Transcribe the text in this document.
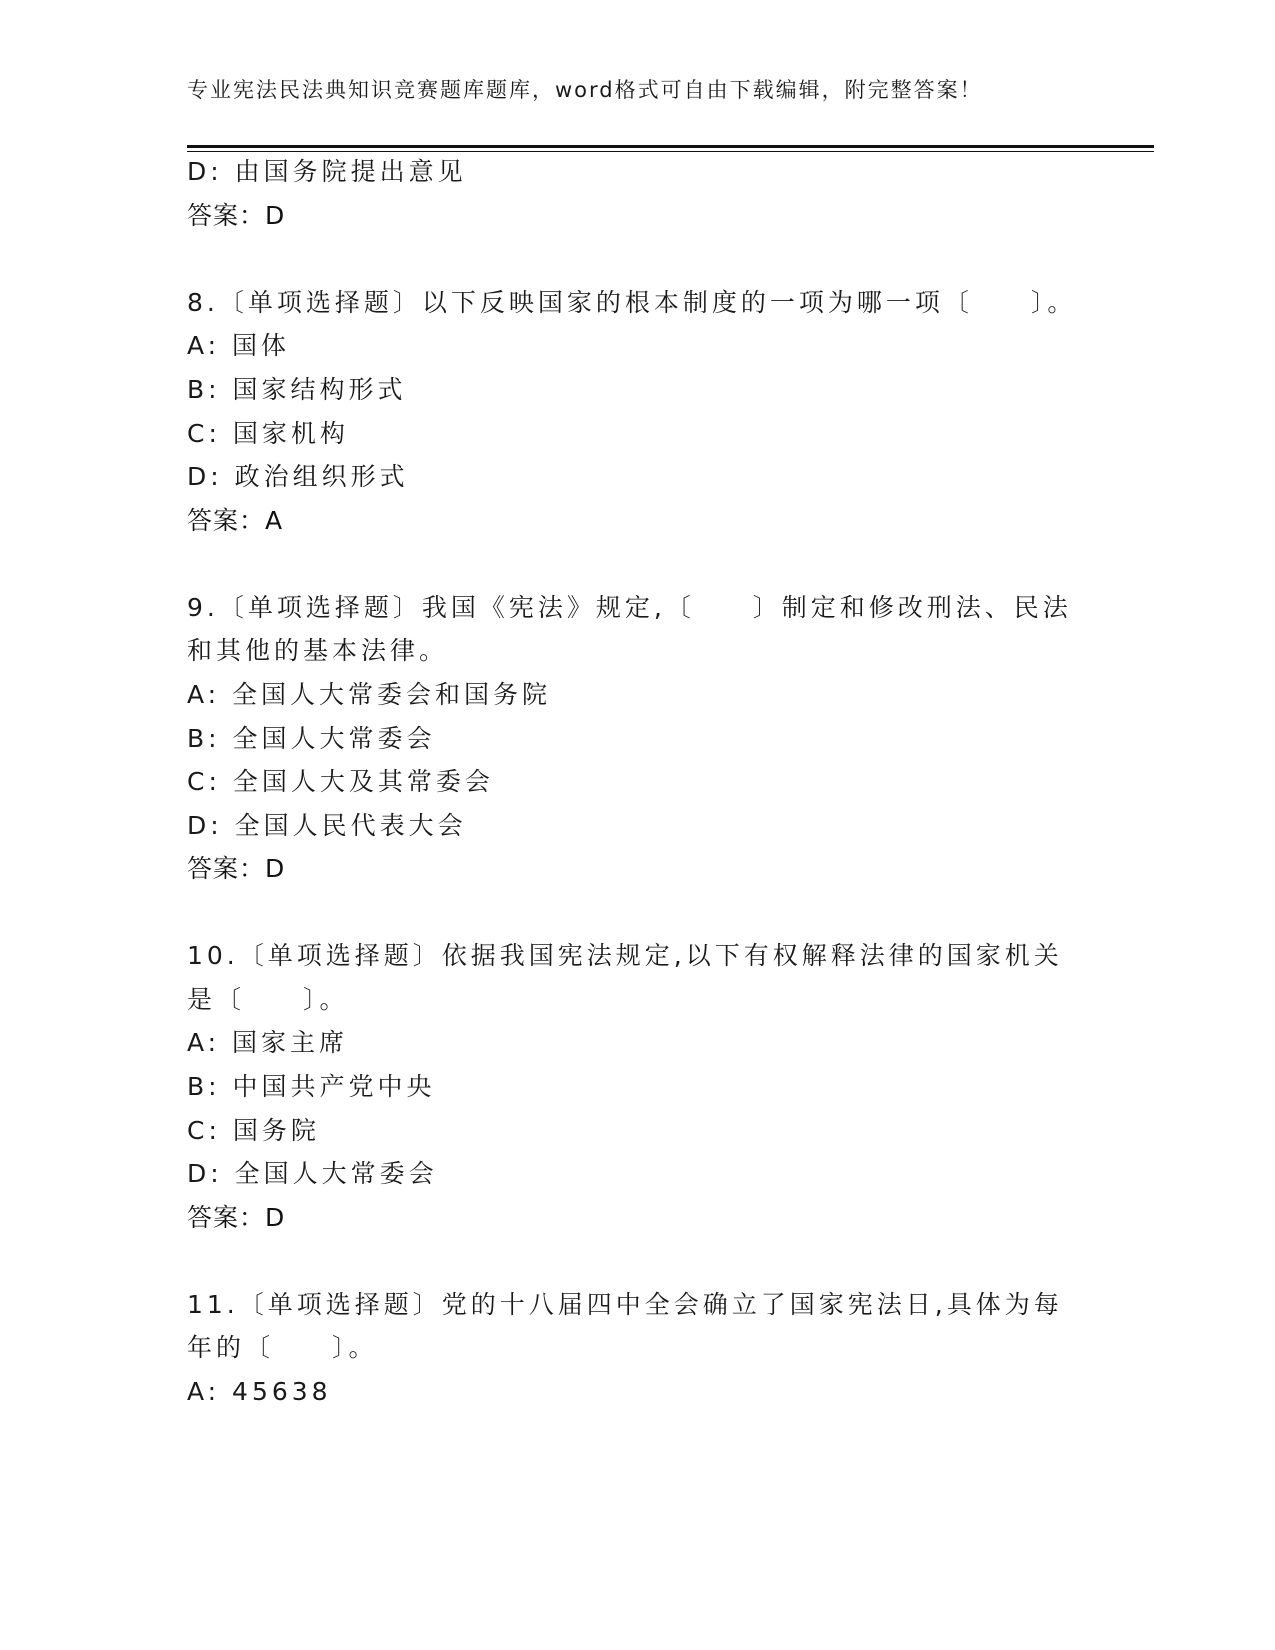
专业宪法民法典知识竞赛题库题库，word格式可自由下载编辑，附完整答案！
D: 由国务院提出意见
答案：D
8.〔单项选择题〕以下反映国家的根本制度的一项为哪一项〔　　〕。
A: 国体
B: 国家结构形式
C: 国家机构
D: 政治组织形式
答案：A
9.〔单项选择题〕我国《宪法》规定,〔　　〕制定和修改刑法、民法
和其他的基本法律。
A: 全国人大常委会和国务院
B: 全国人大常委会
C: 全国人大及其常委会
D: 全国人民代表大会
答案：D
10.〔单项选择题〕依据我国宪法规定,以下有权解释法律的国家机关
是〔　　〕。
A: 国家主席
B: 中国共产党中央
C: 国务院
D: 全国人大常委会
答案：D
11.〔单项选择题〕党的十八届四中全会确立了国家宪法日,具体为每
年的〔　　〕。
A: 45638
